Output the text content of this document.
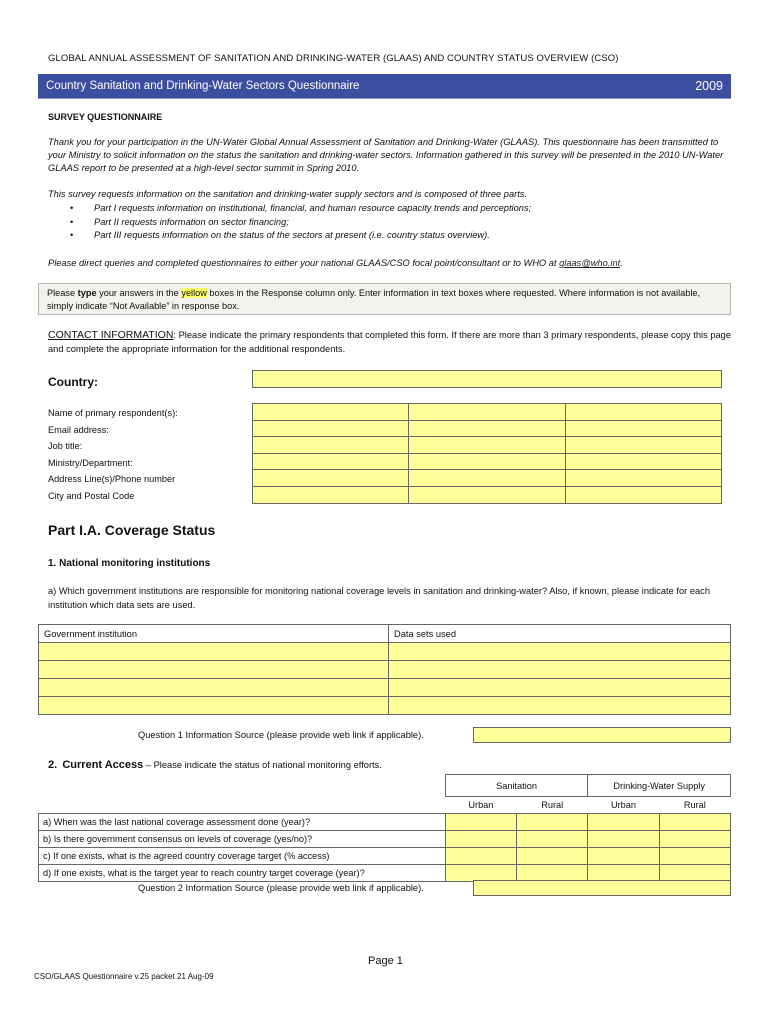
GLOBAL ANNUAL ASSESSMENT OF SANITATION AND DRINKING-WATER (GLAAS) AND COUNTRY STATUS OVERVIEW (CSO)
Country Sanitation and Drinking-Water Sectors Questionnaire	2009
SURVEY QUESTIONNAIRE
Thank you for your participation in the UN-Water Global Annual Assessment of Sanitation and Drinking-Water (GLAAS). This questionnaire has been transmitted to your Ministry to solicit information on the status the sanitation and drinking-water sectors. Information gathered in this survey will be presented in the 2010 UN-Water GLAAS report to be presented at a high-level sector summit in Spring 2010.
This survey requests information on the sanitation and drinking-water supply sectors and is composed of three parts.
• Part I requests information on institutional, financial, and human resource capacity trends and perceptions;
• Part II requests information on sector financing;
• Part III requests information on the status of the sectors at present (i.e. country status overview).
Please direct queries and completed questionnaires to either your national GLAAS/CSO focal point/consultant or to WHO at glaas@who.int.
Please type your answers in the yellow boxes in the Response column only. Enter information in text boxes where requested. Where information is not available, simply indicate “Not Available” in response box.
CONTACT INFORMATION: Please indicate the primary respondents that completed this form. If there are more than 3 primary respondents, please copy this page and complete the appropriate information for the additional respondents.
Country:
Name of primary respondent(s):
Email address:
Job title:
Ministry/Department:
Address Line(s)/Phone number
City and Postal Code

Part I.A. Coverage Status
1. National monitoring institutions
a) Which government institutions are responsible for monitoring national coverage levels in sanitation and drinking-water? Also, if known, please indicate for each institution which data sets are used.
Government institution	Data sets used

Question 1 Information Source (please provide web link if applicable).
2. Current Access – Please indicate the status of national monitoring efforts.
	Sanitation		Drinking-Water Supply	
	Urban	Rural	Urban	Rural
a) When was the last national coverage assessment done (year)?				
b) Is there government consensus on levels of coverage (yes/no)?				
c) If one exists, what is the agreed country coverage target (% access)				
d) If one exists, what is the target year to reach country target coverage (year)?				
Question 2 Information Source (please provide web link if applicable).
Page 1
CSO/GLAAS Questionnaire v.25 packet 21 Aug-09
